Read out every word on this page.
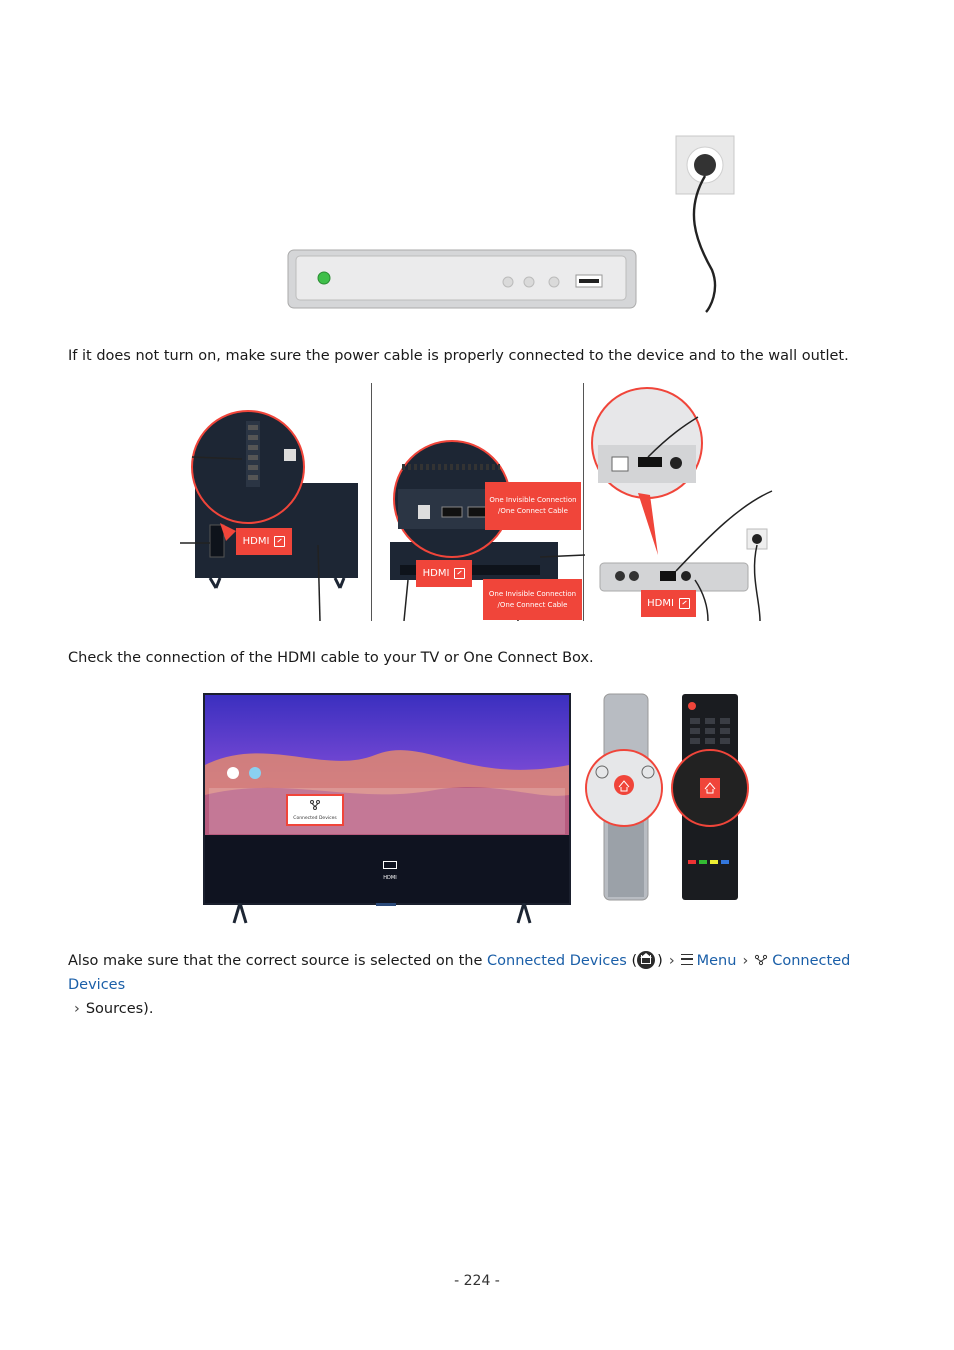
If it does not turn on, make sure the power cable is properly connected to the device and to the wall outlet.

HDMI
One Invisible Connection
/One Connect Cable
HDMI
One Invisible Connection
/One Connect Cable	HDMI

Check the connection of the HDMI cable to your TV or One Connect Box.

Connected Devices
HDMI

Also make sure that the correct source is selected on the Connected Devices ( ) › Menu › Connected Devices
› Sources).

- 224 -
